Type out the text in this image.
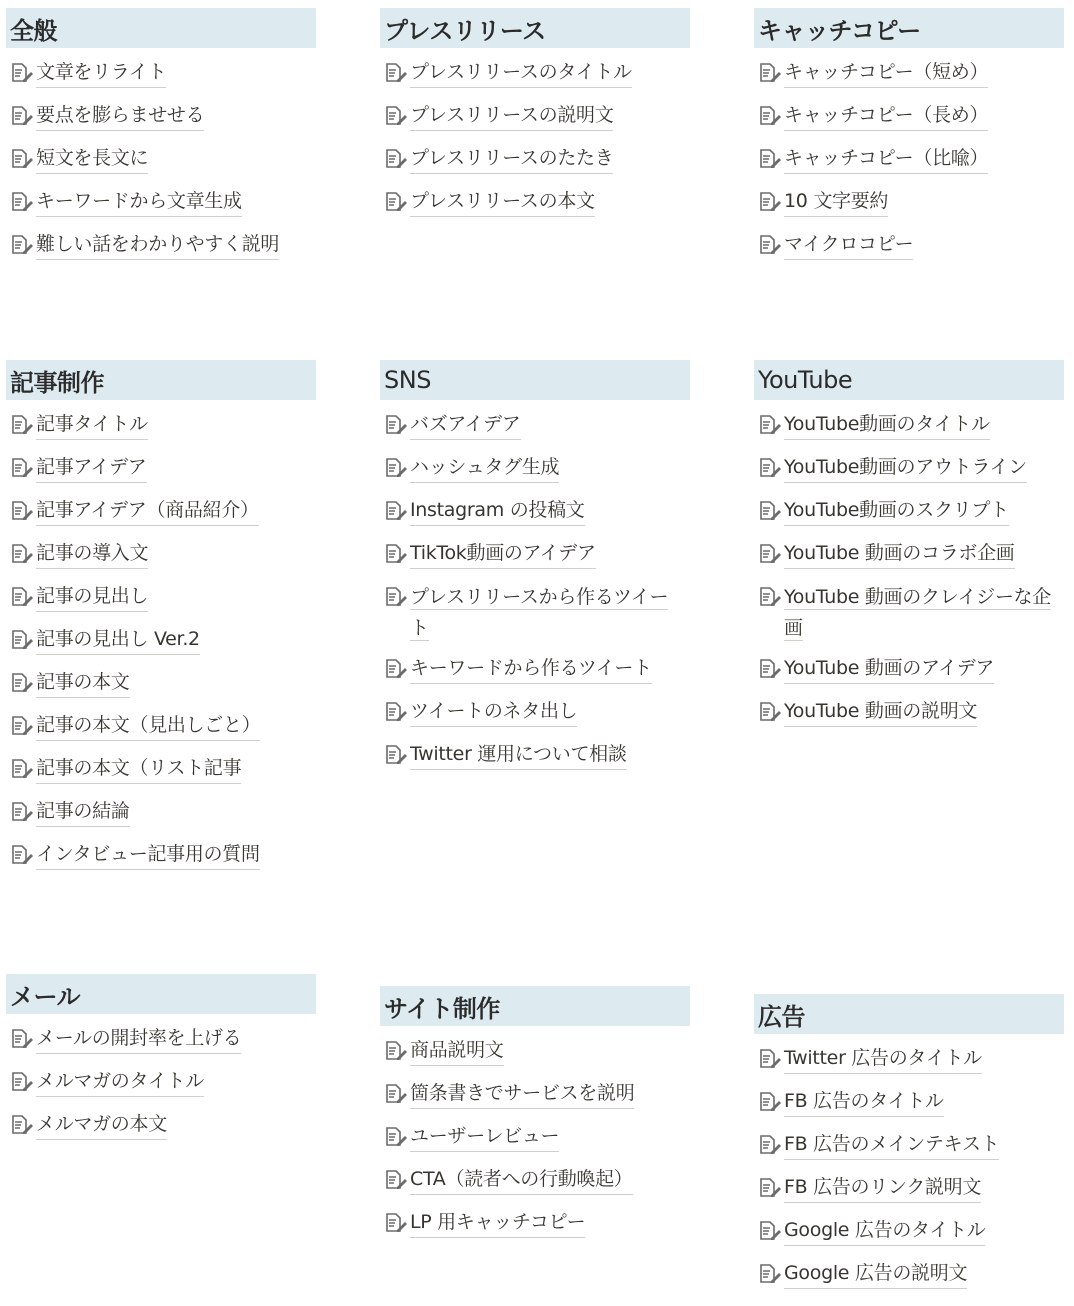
全般
文章をリライト
要点を膨らませせる
短文を長文に
キーワードから文章生成
難しい話をわかりやすく説明
プレスリリース
プレスリリースのタイトル
プレスリリースの説明文
プレスリリースのたたき
プレスリリースの本文
キャッチコピー
キャッチコピー（短め）
キャッチコピー（長め）
キャッチコピー（比喩）
10 文字要約
マイクロコピー
記事制作
記事タイトル
記事アイデア
記事アイデア（商品紹介）
記事の導入文
記事の見出し
記事の見出し Ver.2
記事の本文
記事の本文（見出しごと）
記事の本文（リスト記事
記事の結論
インタビュー記事用の質問
SNS
バズアイデア
ハッシュタグ生成
Instagram の投稿文
TikTok動画のアイデア
プレスリリースから作るツイート
キーワードから作るツイート
ツイートのネタ出し
Twitter 運用について相談
YouTube
YouTube動画のタイトル
YouTube動画のアウトライン
YouTube動画のスクリプト
YouTube 動画のコラボ企画
YouTube 動画のクレイジーな企画
YouTube 動画のアイデア
YouTube 動画の説明文
メール
メールの開封率を上げる
メルマガのタイトル
メルマガの本文
サイト制作
商品説明文
箇条書きでサービスを説明
ユーザーレビュー
CTA（読者への行動喚起）
LP 用キャッチコピー
広告
Twitter 広告のタイトル
FB 広告のタイトル
FB 広告のメインテキスト
FB 広告のリンク説明文
Google 広告のタイトル
Google 広告の説明文
